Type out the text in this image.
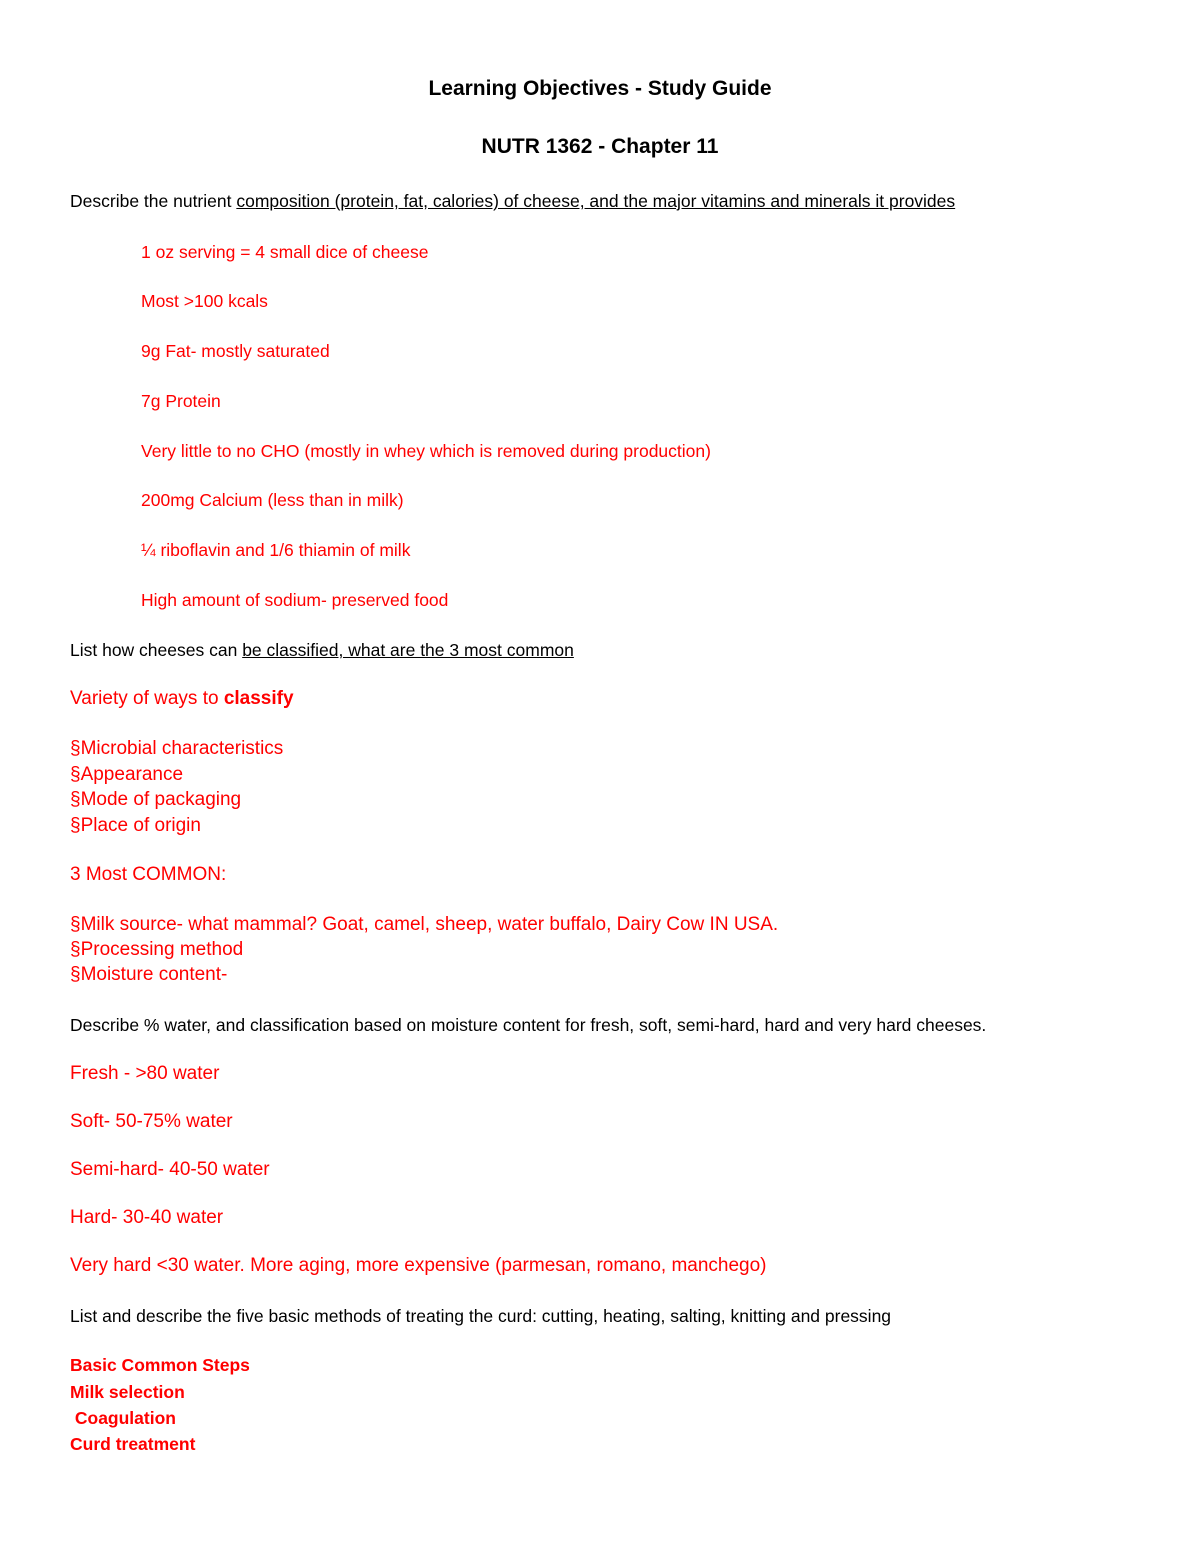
Learning Objectives - Study Guide
NUTR 1362 - Chapter 11
Describe the nutrient composition (protein, fat, calories) of cheese, and the major vitamins and minerals it provides
1 oz serving = 4 small dice of cheese
Most >100 kcals
9g Fat- mostly saturated
7g Protein
Very little to no CHO (mostly in whey which is removed during production)
200mg Calcium (less than in milk)
¼ riboflavin and 1/6 thiamin of milk
High amount of sodium- preserved food
List how cheeses can be classified, what are the 3 most common
Variety of ways to classify
§Microbial characteristics
§Appearance
§Mode of packaging
§Place of origin
3 Most COMMON:
§Milk source- what mammal? Goat, camel, sheep, water buffalo, Dairy Cow IN USA.
§Processing method
§Moisture content-
Describe % water, and classification based on moisture content for fresh, soft, semi-hard, hard and very hard cheeses.
Fresh - >80 water
Soft- 50-75% water
Semi-hard- 40-50 water
Hard- 30-40 water
Very hard <30 water. More aging, more expensive (parmesan, romano, manchego)
List and describe the five basic methods of treating the curd: cutting, heating, salting, knitting and pressing
Basic Common Steps
Milk selection
Coagulation
Curd treatment
